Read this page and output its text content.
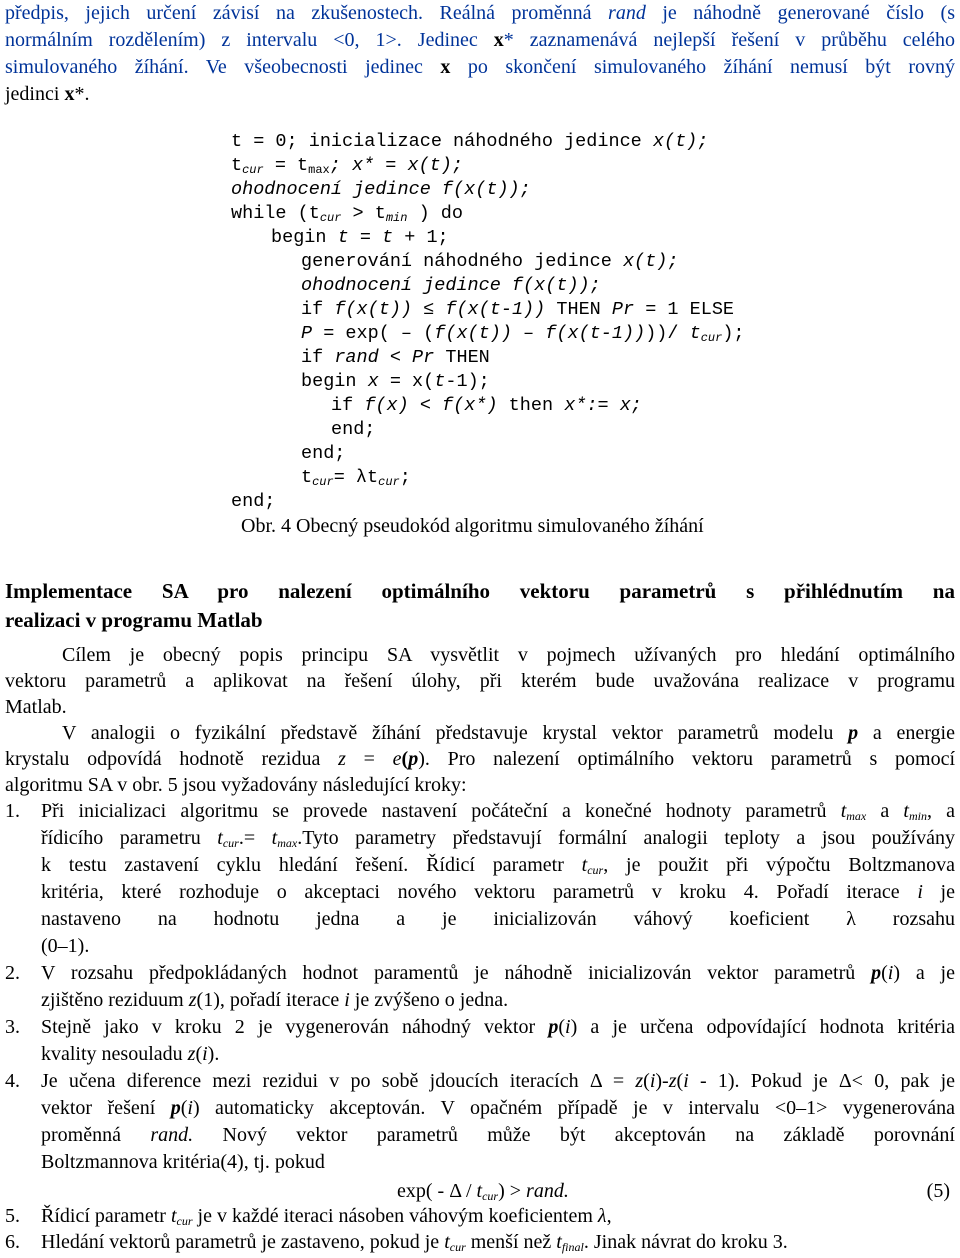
předpis, jejich určení závisí na zkušenostech. Reálná proměnná rand je náhodně generované číslo (s
normálním rozdělením) z intervalu <0, 1>. Jedinec x* zaznamenává nejlepší řešení v průběhu celého
simulovaného žíhání. Ve všeobecnosti jedinec x po skončení simulovaného žíhání nemusí být rovný
jedinci x*.
t = 0; inicializace náhodného jedince x(t);
$t_{cur} = t_{max}$; x* = x(t);
ohodnocení jedince f(x(t));
while ($t_{cur} > t_{min}$ ) do
begin t = t + 1;
generování náhodného jedince x(t);
ohodnocení jedince f(x(t));
if f(x(t)) ≤ f(x(t-1)) THEN Pr = 1 ELSE
P = exp( – (f(x(t)) – f(x(t-1))))/ $t_{cur}$);
if rand < Pr THEN
begin x = x(t-1);
if f(x) < f(x*) then x*:= x;
end;
end;
$t_{cur}= \lambda t_{cur}$;
end;
Obr. 4 Obecný pseudokód algoritmu simulovaného žíhání
Implementace SA pro nalezení optimálního vektoru parametrů s přihlédnutím na
realizaci v programu Matlab
Cílem je obecný popis principu SA vysvětlit v pojmech užívaných pro hledání optimálního
vektoru parametrů a aplikovat na řešení úlohy, při kterém bude uvažována realizace v programu
Matlab.
V analogii o fyzikální představě žíhání představuje krystal vektor parametrů modelu p a energie
krystalu odpovídá hodnotě rezidua z = e(p). Pro nalezení optimálního vektoru parametrů s pomocí
algoritmu SA v obr. 5 jsou vyžadovány následující kroky:
1. Při inicializaci algoritmu se provede nastavení počáteční a konečné hodnoty parametrů $t_{max}$ a $t_{min}$, a
řídicího parametru $t_{cur}.=$ $t_{max}.Tyto$ parametry představují formální analogii teploty a jsou používány
k testu zastavení cyklu hledání řešení. Řídicí parametr $t_{cur}$, je použit při výpočtu Boltzmanova
kritéria, které rozhoduje o akceptaci nového vektoru parametrů v kroku 4. Pořadí iterace i je
nastaveno na hodnotu jedna a je inicializován váhový koeficient λ rozsahu
(0–1).
2. V rozsahu předpokládaných hodnot paramentů je náhodně inicializován vektor parametrů p(i) a je
zjištěno reziduum z(1), pořadí iterace i je zvýšeno o jedna.
3. Stejně jako v kroku 2 je vygenerován náhodný vektor p(i) a je určena odpovídající hodnota kritéria
kvality nesouladu z(i).
4. Je učena diference mezi rezidui v po sobě jdoucích iteracích Δ = z(i)-z(i - 1). Pokud je Δ< 0, pak je
vektor řešení p(i) automaticky akceptován. V opačném případě je v intervalu <0–1> vygenerována
proměnná rand. Nový vektor parametrů může být akceptován na základě porovnání
Boltzmannova kritéria(4), tj. pokud
exp( - Δ / $t_{cur}$) > rand.	(5)
5. Řídicí parametr $t_{cur}$ je v každé iteraci násoben váhovým koeficientem λ,
6. Hledání vektorů parametrů je zastaveno, pokud je $t_{cur}$ menší než $t_{final}$. Jinak návrat do kroku 3.
